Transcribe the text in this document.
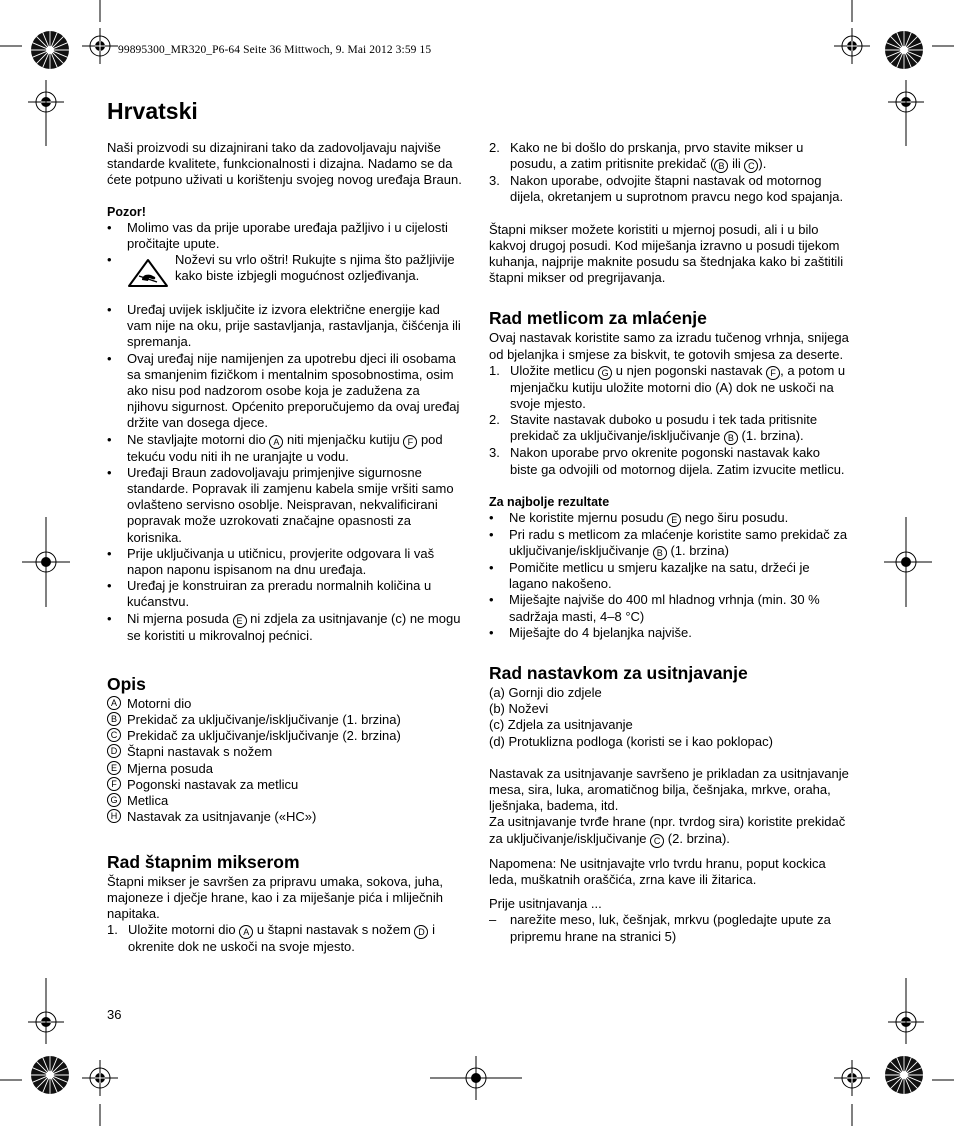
99895300_MR320_P6-64 Seite 36 Mittwoch, 9. Mai 2012 3:59 15
Hrvatski

Naši proizvodi su dizajnirani tako da zadovoljavaju najviše standarde kvalitete, funkcionalnosti i dizajna. Nadamo se da ćete potpuno uživati u korištenju svojeg novog uređaja Braun.

Pozor!
• Molimo vas da prije uporabe uređaja pažljivo i u cijelosti pročitajte upute.
•	Noževi su vrlo oštri! Rukujte s njima što pažljivije kako biste izbjegli mogućnost ozljeđivanja.
• Uređaj uvijek isključite iz izvora električne energije kad vam nije na oku, prije sastavljanja, rastavljanja, čišćenja ili spremanja.
• Ovaj uređaj nije namijenjen za upotrebu djeci ili osobama sa smanjenim fizičkom i mentalnim sposobnostima, osim ako nisu pod nadzorom osobe koja je zadužena za njihovu sigurnost. Općenito preporučujemo da ovaj uređaj držite van dosega djece.
• Ne stavljajte motorni dio A niti mjenjačku kutiju F pod tekuću vodu niti ih ne uranjajte u vodu.
• Uređaji Braun zadovoljavaju primjenjive sigurnosne standarde. Popravak ili zamjenu kabela smije vršiti samo ovlašteno servisno osoblje. Neispravan, nekvalificirani popravak može uzrokovati značajne opasnosti za korisnika.
• Prije uključivanja u utičnicu, provjerite odgovara li vaš napon naponu ispisanom na dnu uređaja.
• Uređaj je konstruiran za preradu normalnih količina u kućanstvu.
• Ni mjerna posuda E ni zdjela za usitnjavanje (c) ne mogu se koristiti u mikrovalnoj pećnici.
Opis
A Motorni dio
B Prekidač za uključivanje/isključivanje (1. brzina)
C Prekidač za uključivanje/isključivanje (2. brzina)
D Štapni nastavak s nožem
E Mjerna posuda
F Pogonski nastavak za metlicu
G Metlica
H Nastavak za usitnjavanje («HC»)
Rad štapnim mikserom

Štapni mikser je savršen za pripravu umaka, sokova, juha, majoneze i dječje hrane, kao i za miješanje pića i mliječnih napitaka.

1. Uložite motorni dio A u štapni nastavak s nožem D i okrenite dok ne uskoči na svoje mjesto.
36
2. Kako ne bi došlo do prskanja, prvo stavite mikser u posudu, a zatim pritisnite prekidač ( B ili C ).
3. Nakon uporabe, odvojite štapni nastavak od motornog dijela, okretanjem u suprotnom pravcu nego kod spajanja.

Štapni mikser možete koristiti u mjernoj posudi, ali i u bilo kakvoj drugoj posudi. Kod miješanja izravno u posudi tijekom kuhanja, najprije maknite posudu sa štednjaka kako bi zaštitili štapni mikser od pregrijavanja.

Rad metlicom za mlaćenje

Ovaj nastavak koristite samo za izradu tučenog vrhnja, snijega od bjelanjka i smjese za biskvit, te gotovih smjesa za deserte.

1. Uložite metlicu G u njen pogonski nastavak F , a potom u mjenjačku kutiju uložite motorni dio (A) dok ne uskoči na svoje mjesto.
2. Stavite nastavak duboko u posudu i tek tada pritisnite prekidač za uključivanje/isključivanje B (1. brzina).
3. Nakon uporabe prvo okrenite pogonski nastavak kako biste ga odvojili od motornog dijela. Zatim izvucite metlicu.
Za najbolje rezultate
• Ne koristite mjernu posudu E nego širu posudu.
• Pri radu s metlicom za mlaćenje koristite samo prekidač za uključivanje/isključivanje B (1. brzina)
• Pomičite metlicu u smjeru kazaljke na satu, držeći je lagano nakošeno.
• Miješajte najviše do 400 ml hladnog vrhnja (min. 30 % sadržaja masti, 4–8 °C)
• Miješajte do 4 bjelanjka najviše.
Rad nastavkom za usitnjavanje

(a) Gornji dio zdjele

(b) Noževi

(c) Zdjela za usitnjavanje

(d) Protuklizna podloga (koristi se i kao poklopac)

Nastavak za usitnjavanje savršeno je prikladan za usitnjavanje mesa, sira, luka, aromatičnog bilja, češnjaka, mrkve, oraha, lješnjaka, badema, itd.

Za usitnjavanje tvrđe hrane (npr. tvrdog sira) koristite prekidač za uključivanje/isključivanje C (2. brzina).

Napomena: Ne usitnjavajte vrlo tvrdu hranu, poput kockica leda, muškatnih oraščića, zrna kave ili žitarica.

Prije usitnjavanja ...

– narežite meso, luk, češnjak, mrkvu (pogledajte upute za pripremu hrane na stranici 5)
